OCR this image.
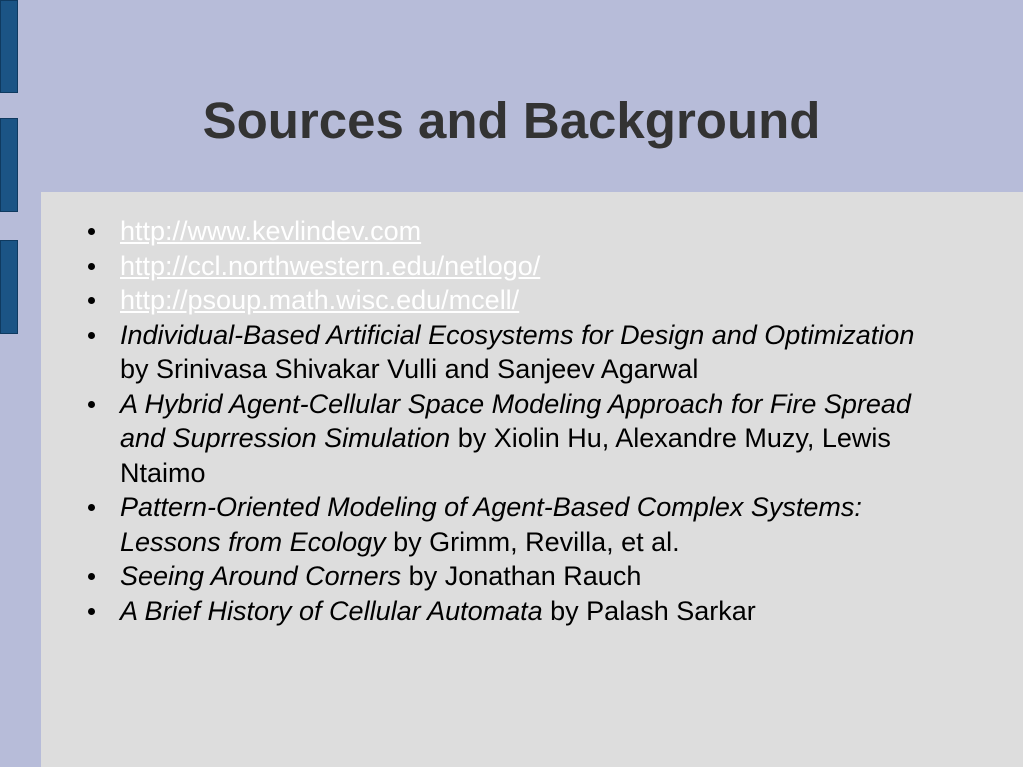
Sources and Background
http://www.kevlindev.com
http://ccl.northwestern.edu/netlogo/
http://psoup.math.wisc.edu/mcell/
Individual-Based Artificial Ecosystems for Design and Optimization by Srinivasa Shivakar Vulli and Sanjeev Agarwal
A Hybrid Agent-Cellular Space Modeling Approach for Fire Spread and Suprression Simulation by Xiolin Hu, Alexandre Muzy, Lewis Ntaimo
Pattern-Oriented Modeling of Agent-Based Complex Systems: Lessons from Ecology by Grimm, Revilla, et al.
Seeing Around Corners by Jonathan Rauch
A Brief History of Cellular Automata by Palash Sarkar
